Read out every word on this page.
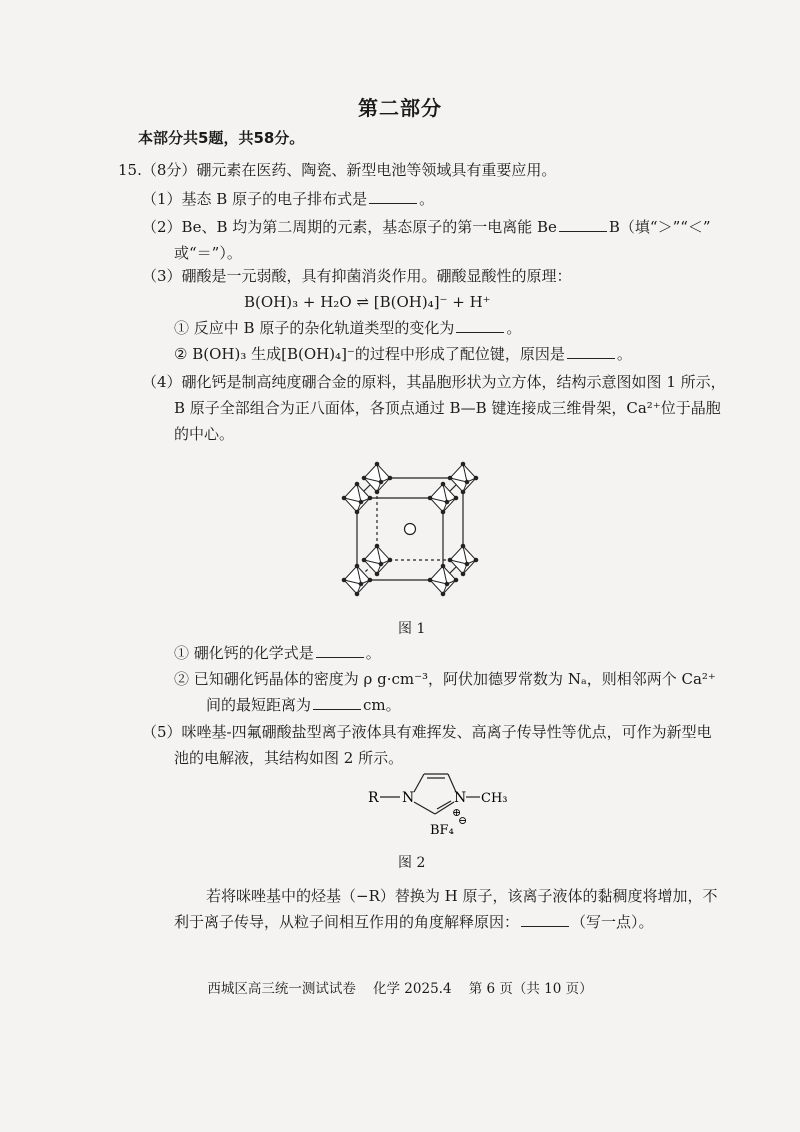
第二部分
本部分共5题，共58分。
15.（8分）硼元素在医药、陶瓷、新型电池等领域具有重要应用。
（1）基态 B 原子的电子排布式是	。
（2）Be、B 均为第二周期的元素，基态原子的第一电离能 Be	B（填“＞”“＜”
或“＝”）。
（3）硼酸是一元弱酸，具有抑菌消炎作用。硼酸显酸性的原理：
B(OH)₃ + H₂O ⇌ [B(OH)₄]⁻ + H⁺
① 反应中 B 原子的杂化轨道类型的变化为	。
② B(OH)₃ 生成[B(OH)₄]⁻的过程中形成了配位键，原因是	。
（4）硼化钙是制高纯度硼合金的原料，其晶胞形状为立方体，结构示意图如图 1 所示，
B 原子全部组合为正八面体，各顶点通过 B—B 键连接成三维骨架，Ca²⁺位于晶胞
的中心。
图 1
① 硼化钙的化学式是	。
② 已知硼化钙晶体的密度为 ρ g·cm⁻³，阿伏加德罗常数为 Nₐ，则相邻两个 Ca²⁺
间的最短距离为	cm。
（5）咪唑基-四氟硼酸盐型离子液体具有难挥发、高离子传导性等优点，可作为新型电
池的电解液，其结构如图 2 所示。
R N	N
⊕
CH₃
BF₄
⊖
图 2
若将咪唑基中的烃基（−R）替换为 H 原子，该离子液体的黏稠度将增加，不
利于离子传导，从粒子间相互作用的角度解释原因：	（写一点）。
西城区高三统一测试试卷    化学 2025.4    第 6 页（共 10 页）
